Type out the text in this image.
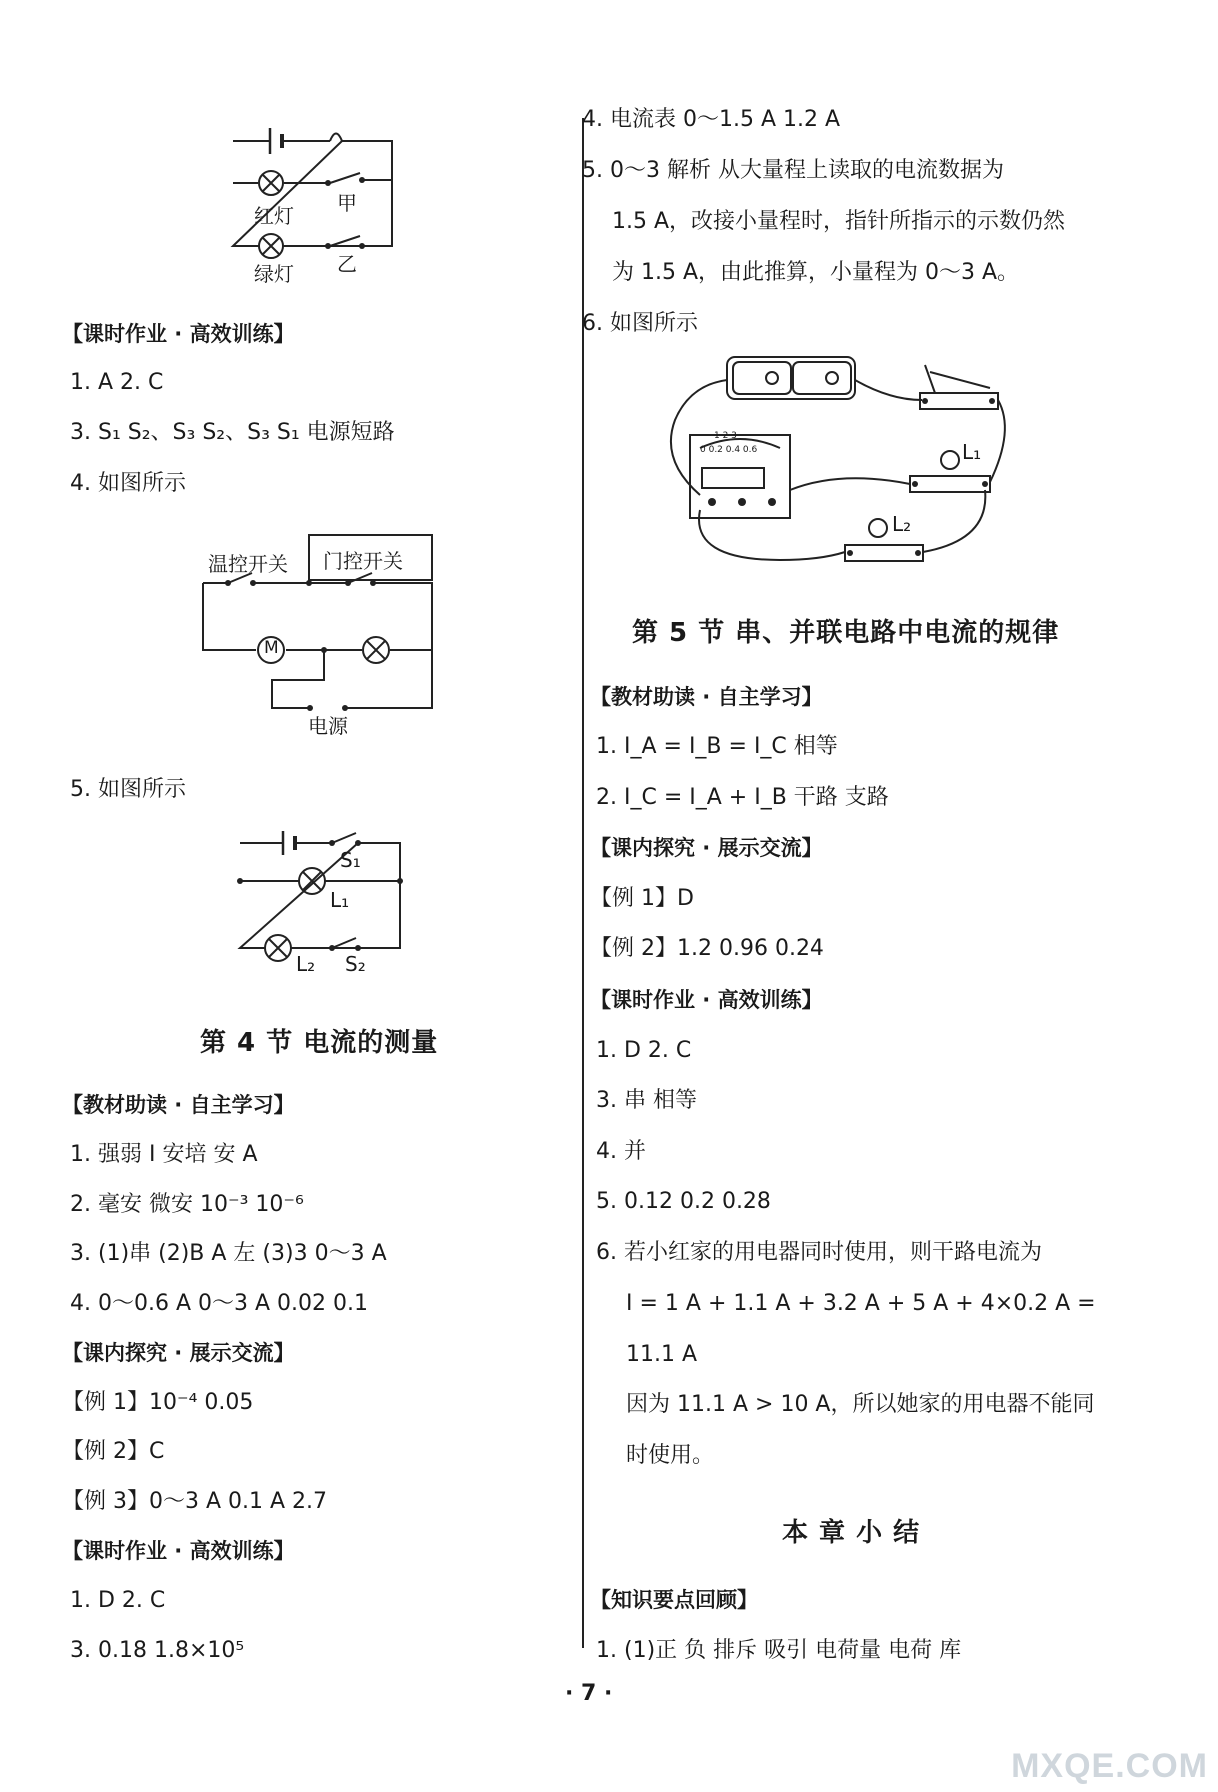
红灯
甲
绿灯 乙
【课时作业 · 高效训练】
1. A 2. C
3. S₁ S₂、S₃ S₂、S₃ S₁ 电源短路
4. 如图所示
M
温控开关 门控开关
电源
5. 如图所示
S₁
L₁
L₂ S₂
第 4 节 电流的测量
【教材助读 · 自主学习】
1. 强弱 I 安培 安 A
2. 毫安 微安 10⁻³ 10⁻⁶
3. (1)串 (2)B A 左 (3)3 0～3 A
4. 0～0.6 A 0～3 A 0.02 0.1
【课内探究 · 展示交流】
【例 1】10⁻⁴ 0.05
【例 2】C
【例 3】0～3 A 0.1 A 2.7
【课时作业 · 高效训练】
1. D 2. C
3. 0.18 1.8×10⁵
4. 电流表 0～1.5 A 1.2 A
5. 0～3 解析 从大量程上读取的电流数据为
1.5 A，改接小量程时，指针所指示的示数仍然
为 1.5 A，由此推算，小量程为 0～3 A。
6. 如图所示
0 0.2 0.4 0.6
1 2 3
L₁
L₂
第 5 节 串、并联电路中电流的规律
【教材助读 · 自主学习】
1. I_A = I_B = I_C 相等
2. I_C = I_A + I_B 干路 支路
【课内探究 · 展示交流】
【例 1】D
【例 2】1.2 0.96 0.24
【课时作业 · 高效训练】
1. D 2. C
3. 串 相等
4. 并
5. 0.12 0.2 0.28
6. 若小红家的用电器同时使用，则干路电流为
I = 1 A + 1.1 A + 3.2 A + 5 A + 4×0.2 A =
11.1 A
因为 11.1 A > 10 A，所以她家的用电器不能同
时使用。
本 章 小 结
【知识要点回顾】
1. (1)正 负 排斥 吸引 电荷量 电荷 库
· 7 ·
MXQE.COM
